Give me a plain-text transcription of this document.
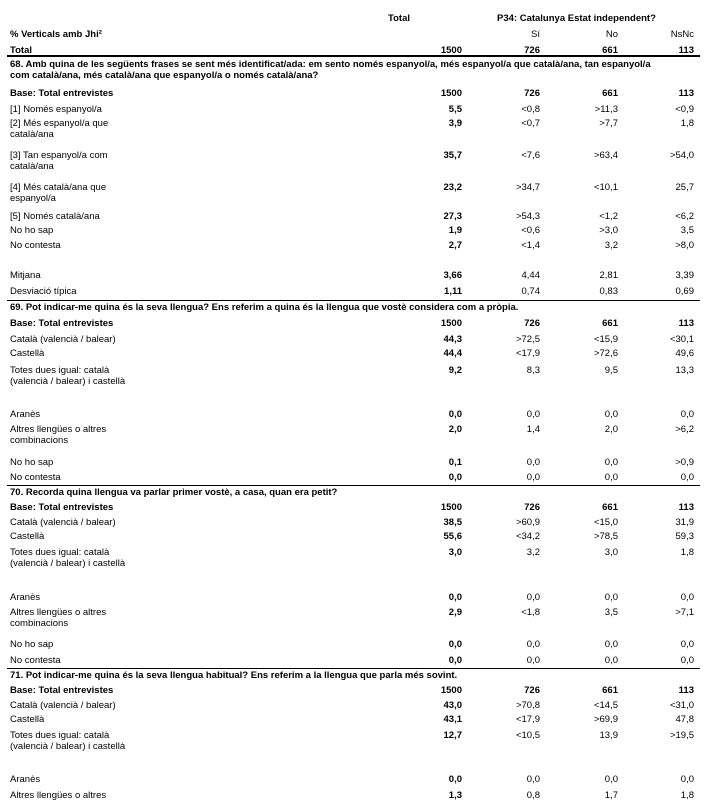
% Verticals amb Jhi²
Total	P34: Catalunya Estat independent?
Sí	No	NsNc
Total	1500	726	661	113
68. Amb quina de les següents frases se sent més identificat/ada: em sento només espanyol/a, més espanyol/a que català/ana, tan espanyol/a
com català/ana, més català/ana que espanyol/a o només català/ana?
Base: Total entrevistes	1500	726	661	113
[1] Només espanyol/a	5,5	<0,8	>11,3	<0,9
[2] Més espanyol/a que
català/ana
3,9	<0,7	>7,7	1,8
[3] Tan espanyol/a com
català/ana
35,7	<7,6	>63,4	>54,0
[4] Més català/ana que
espanyol/a
23,2	>34,7	<10,1	25,7
[5] Només català/ana	27,3	>54,3	<1,2	<6,2
No ho sap	1,9	<0,6	>3,0	3,5
No contesta	2,7	<1,4	3,2	>8,0
Mitjana	3,66	4,44	2,81	3,39
Desviació típica	1,11	0,74	0,83	0,69
69. Pot indicar-me quina és la seva llengua? Ens referim a quina és la llengua que vostè considera com a pròpia.
Base: Total entrevistes	1500	726	661	113
Català (valencià / balear)	44,3	>72,5	<15,9	<30,1
Castellà	44,4	<17,9	>72,6	49,6
Totes dues igual: català
(valencià / balear) i castellà
9,2	8,3	9,5	13,3
Aranès	0,0	0,0	0,0	0,0
Altres llengües o altres
combinacions
2,0	1,4	2,0	>6,2
No ho sap	0,1	0,0	0,0	>0,9
No contesta	0,0	0,0	0,0	0,0
70. Recorda quina llengua va parlar primer vostè, a casa, quan era petit?
Base: Total entrevistes	1500	726	661	113
Català (valencià / balear)	38,5	>60,9	<15,0	31,9
Castellà	55,6	<34,2	>78,5	59,3
Totes dues igual: català
(valencià / balear) i castellà
3,0	3,2	3,0	1,8
Aranès	0,0	0,0	0,0	0,0
Altres llengües o altres
combinacions
2,9	<1,8	3,5	>7,1
No ho sap	0,0	0,0	0,0	0,0
No contesta	0,0	0,0	0,0	0,0
71. Pot indicar-me quina és la seva llengua habitual? Ens referim a la llengua que parla més sovint.
Base: Total entrevistes	1500	726	661	113
Català (valencià / balear)	43,0	>70,8	<14,5	<31,0
Castellà	43,1	<17,9	>69,9	47,8
Totes dues igual: català
(valencià / balear) i castellà
12,7	<10,5	13,9	>19,5
Aranès	0,0	0,0	0,0	0,0
Altres llengües o altres	1,3	0,8	1,7	1,8
